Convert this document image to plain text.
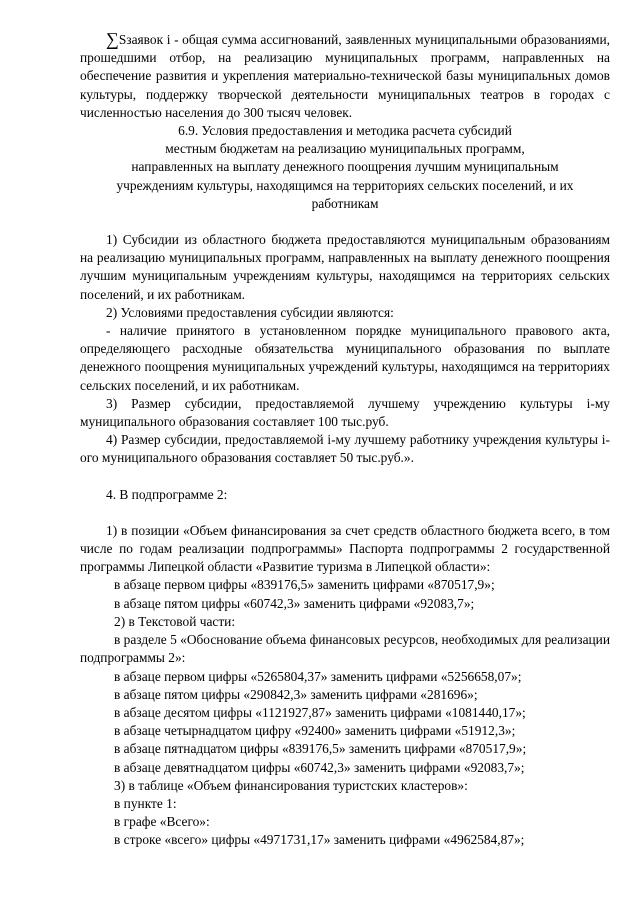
∑Sзаявок i - общая сумма ассигнований, заявленных муниципальными образованиями, прошедшими отбор, на реализацию муниципальных программ, направленных на обеспечение развития и укрепления материально-технической базы муниципальных домов культуры, поддержку творческой деятельности муниципальных театров в городах с численностью населения до 300 тысяч человек.

6.9. Условия предоставления и методика расчета субсидий

местным бюджетам на реализацию муниципальных программ,

направленных на выплату денежного поощрения лучшим муниципальным

учреждениям культуры, находящимся на территориях сельских поселений, и их

работникам

1) Субсидии из областного бюджета предоставляются муниципальным образованиям на реализацию муниципальных программ, направленных на выплату денежного поощрения лучшим муниципальным учреждениям культуры, находящимся на территориях сельских поселений, и их работникам.

2) Условиями предоставления субсидии являются:

- наличие принятого в установленном порядке муниципального правового акта, определяющего расходные обязательства муниципального образования по выплате денежного поощрения муниципальных учреждений культуры, находящимся на территориях сельских поселений, и их работникам.

3) Размер субсидии, предоставляемой лучшему учреждению культуры i-му муниципального образования составляет 100 тыс.руб.

4) Размер субсидии, предоставляемой i-му лучшему работнику учреждения культуры i-ого муниципального образования составляет 50 тыс.руб.».

4. В подпрограмме 2:

1) в позиции «Объем финансирования за счет средств областного бюджета всего, в том числе по годам реализации подпрограммы» Паспорта подпрограммы 2 государственной программы Липецкой области «Развитие туризма в Липецкой области»:

в абзаце первом цифры «839176,5» заменить цифрами «870517,9»;

в абзаце пятом цифры «60742,3» заменить цифрами «92083,7»;

2) в Текстовой части:

в разделе 5 «Обоснование объема финансовых ресурсов, необходимых для реализации подпрограммы 2»:

в абзаце первом цифры «5265804,37» заменить цифрами «5256658,07»;

в абзаце пятом цифры «290842,3» заменить цифрами «281696»;

в абзаце десятом цифры «1121927,87» заменить цифрами «1081440,17»;

в абзаце четырнадцатом цифру «92400» заменить цифрами «51912,3»;

в абзаце пятнадцатом цифры «839176,5» заменить цифрами «870517,9»;

в абзаце девятнадцатом цифры «60742,3» заменить цифрами «92083,7»;

3) в таблице «Объем финансирования туристских кластеров»:

в пункте 1:

в графе «Всего»:

в строке «всего» цифры «4971731,17» заменить цифрами «4962584,87»;
